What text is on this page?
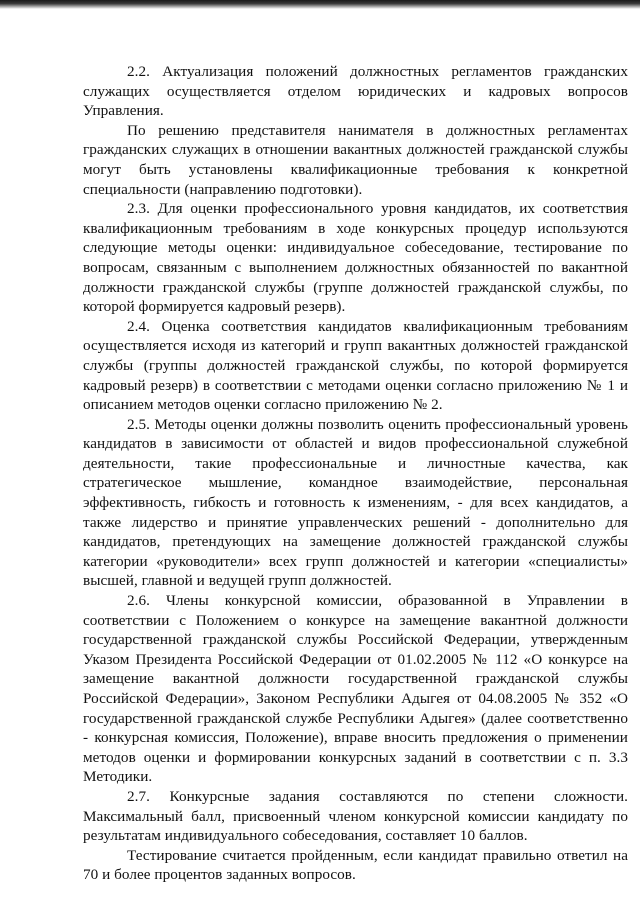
2.2. Актуализация положений должностных регламентов гражданских служащих осуществляется отделом юридических и кадровых вопросов Управления.

По решению представителя нанимателя в должностных регламентах гражданских служащих в отношении вакантных должностей гражданской службы могут быть установлены квалификационные требования к конкретной специальности (направлению подготовки).

2.3. Для оценки профессионального уровня кандидатов, их соответствия квалификационным требованиям в ходе конкурсных процедур используются следующие методы оценки: индивидуальное собеседование, тестирование по вопросам, связанным с выполнением должностных обязанностей по вакантной должности гражданской службы (группе должностей гражданской службы, по которой формируется кадровый резерв).

2.4. Оценка соответствия кандидатов квалификационным требованиям осуществляется исходя из категорий и групп вакантных должностей гражданской службы (группы должностей гражданской службы, по которой формируется кадровый резерв) в соответствии с методами оценки согласно приложению № 1 и описанием методов оценки согласно приложению № 2.

2.5. Методы оценки должны позволить оценить профессиональный уровень кандидатов в зависимости от областей и видов профессиональной служебной деятельности, такие профессиональные и личностные качества, как стратегическое мышление, командное взаимодействие, персональная эффективность, гибкость и готовность к изменениям, - для всех кандидатов, а также лидерство и принятие управленческих решений - дополнительно для кандидатов, претендующих на замещение должностей гражданской службы категории «руководители» всех групп должностей и категории «специалисты» высшей, главной и ведущей групп должностей.

2.6. Члены конкурсной комиссии, образованной в Управлении в соответствии с Положением о конкурсе на замещение вакантной должности государственной гражданской службы Российской Федерации, утвержденным Указом Президента Российской Федерации от 01.02.2005 № 112 «О конкурсе на замещение вакантной должности государственной гражданской службы Российской Федерации», Законом Республики Адыгея от 04.08.2005 № 352 «О государственной гражданской службе Республики Адыгея» (далее соответственно - конкурсная комиссия, Положение), вправе вносить предложения о применении методов оценки и формировании конкурсных заданий в соответствии с п. 3.3 Методики.

2.7. Конкурсные задания составляются по степени сложности. Максимальный балл, присвоенный членом конкурсной комиссии кандидату по результатам индивидуального собеседования, составляет 10 баллов.

Тестирование считается пройденным, если кандидат правильно ответил на 70 и более процентов заданных вопросов.
